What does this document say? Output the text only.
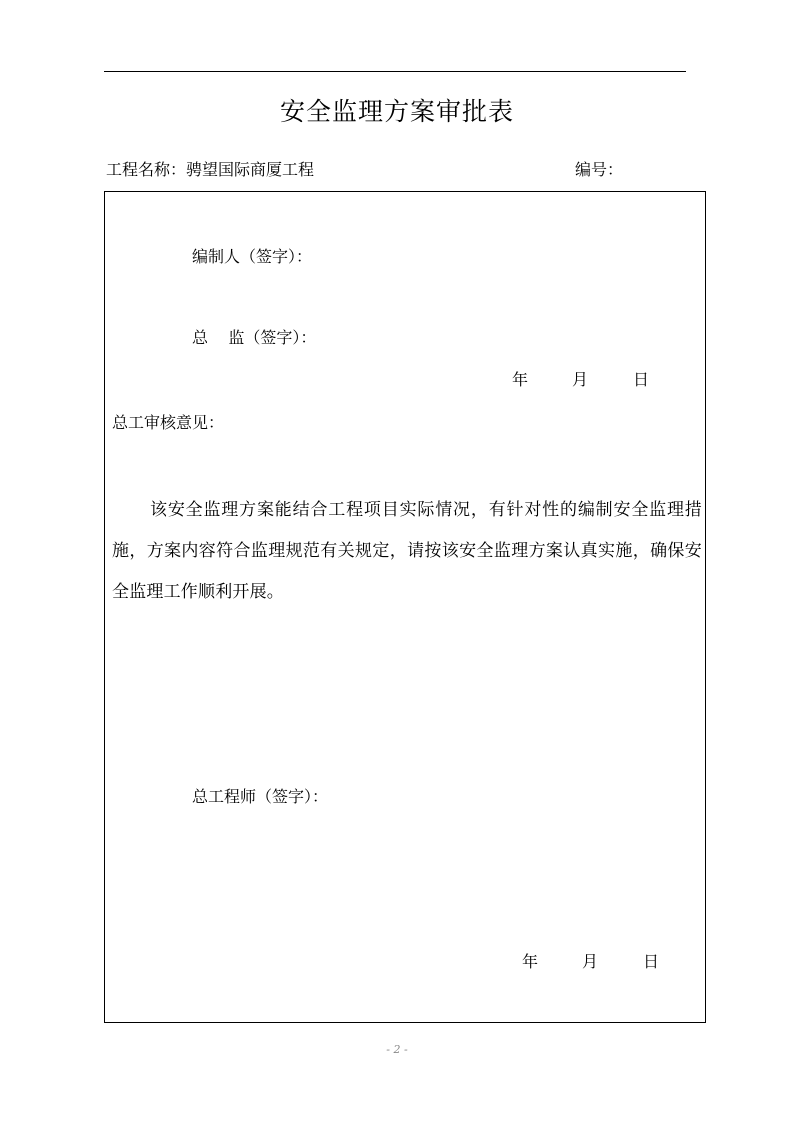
安全监理方案审批表
工程名称：骋望国际商厦工程	编号：
编制人（签字）：
总    监（签字）：
年	月	日
总工审核意见：
该安全监理方案能结合工程项目实际情况，有针对性的编制安全监理措施，方案内容符合监理规范有关规定，请按该安全监理方案认真实施，确保安全监理工作顺利开展。
总工程师（签字）：
年	月	日
- 2 -
